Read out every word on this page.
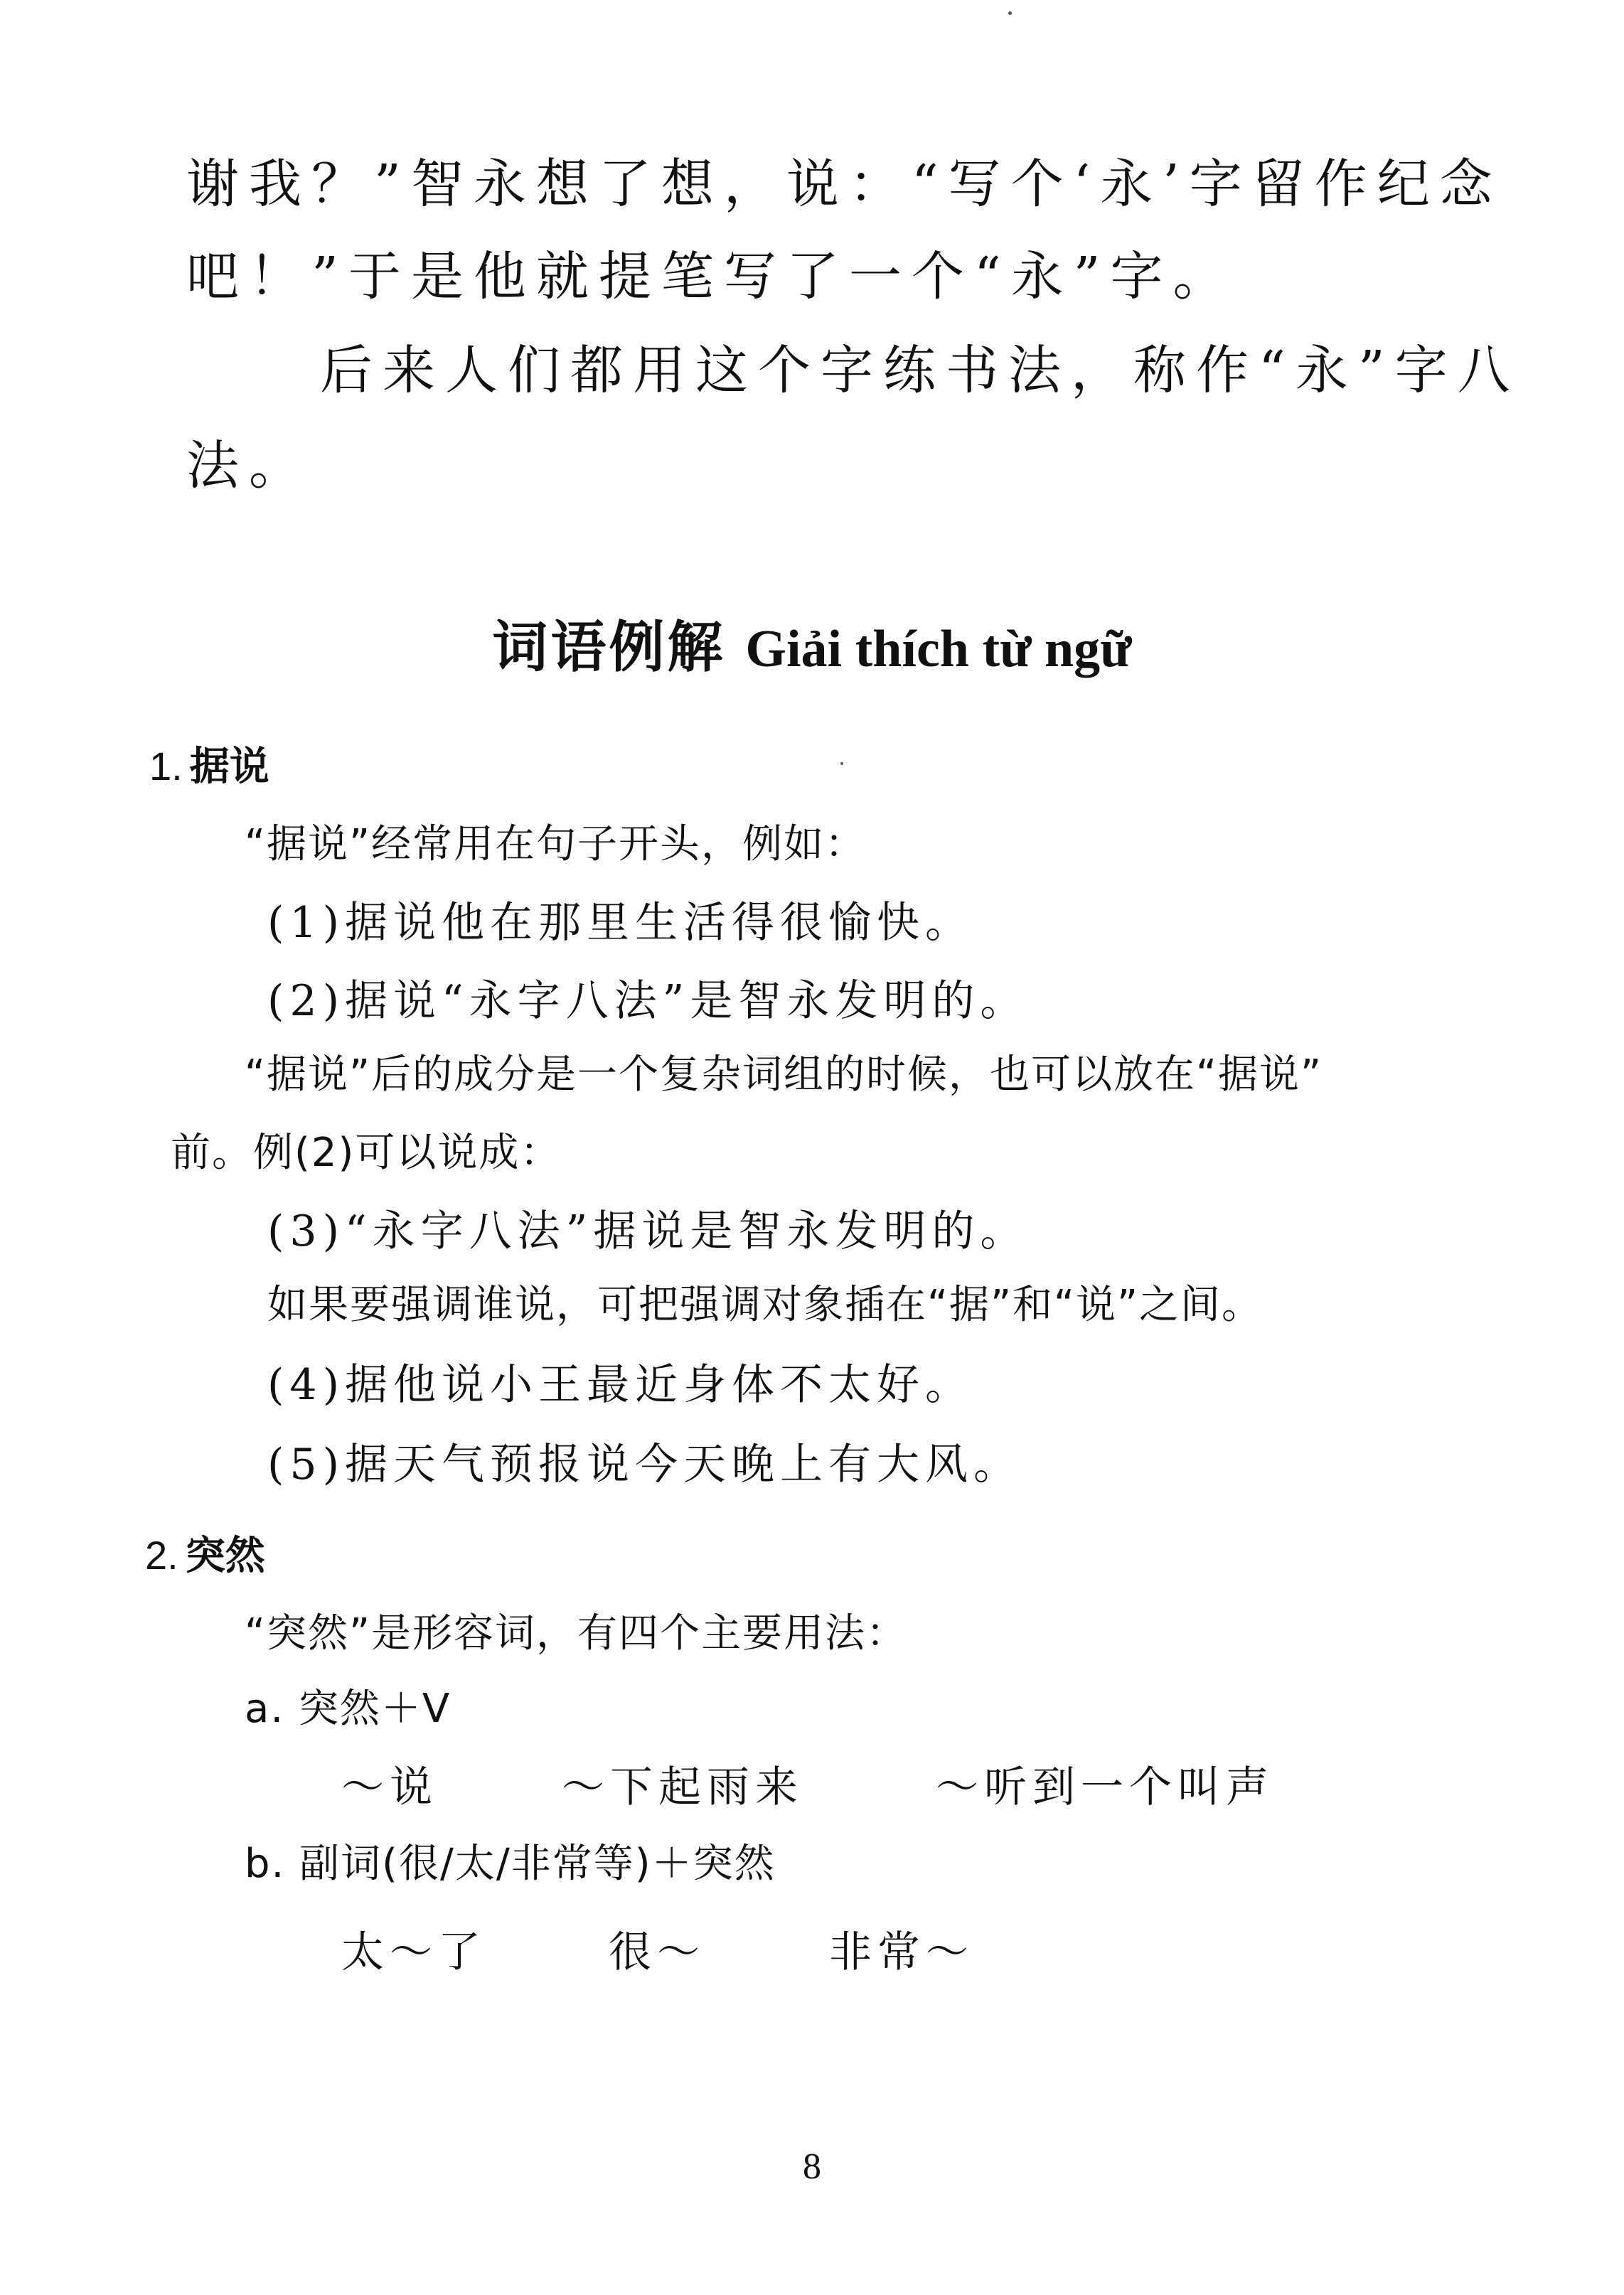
谢我？”智永想了想，说：“写个‘永’字留作纪念
吧！”于是他就提笔写了一个“永”字。
后来人们都用这个字练书法，称作“永”字八
法。
词语例解 Giải thích từ ngữ
1. 据说
“据说”经常用在句子开头，例如：
(1)据说他在那里生活得很愉快。
(2)据说“永字八法”是智永发明的。
“据说”后的成分是一个复杂词组的时候，也可以放在“据说”
前。例(2)可以说成：
(3)“永字八法”据说是智永发明的。
如果要强调谁说，可把强调对象插在“据”和“说”之间。
(4)据他说小王最近身体不太好。
(5)据天气预报说今天晚上有大风。
2. 突然
“突然”是形容词，有四个主要用法：
a. 突然＋V
～说	～下起雨来	～听到一个叫声
b. 副词(很/太/非常等)＋突然
太～了	很～	非常～
8
